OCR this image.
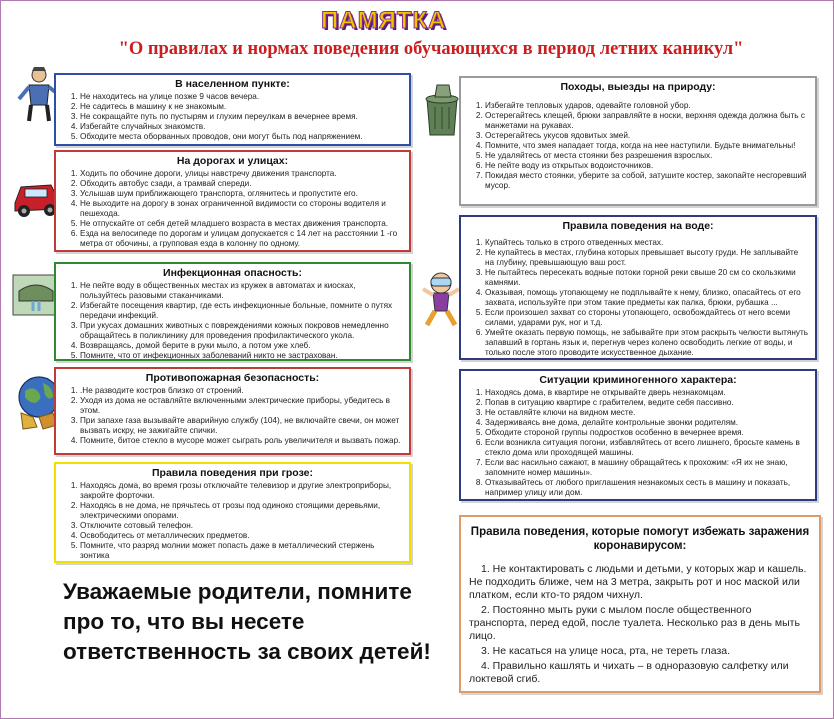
ПАМЯТКА
"О правилах и нормах поведения обучающихся в период летних каникул"
В населенном пункте:
1. Не находитесь на улице позже 9 часов вечера.
2. Не садитесь в машину к не знакомым.
3. Не сокращайте путь по пустырям и глухим переулкам в вечернее время.
4. Избегайте случайных знакомств.
5. Обходите места оборванных проводов, они могут быть под напряжением.
На дорогах и улицах:
1. Ходить по обочине дороги, улицы навстречу движения транспорта.
2. Обходить автобус сзади, а трамвай спереди.
3. Услышав шум приближающего транспорта, оглянитесь и пропустите его.
4. Не выходите на дорогу в зонах ограниченной видимости со стороны водителя и пешехода.
5. Не отпускайте от себя детей младшего возраста в местах движения транспорта.
6. Езда на велосипеде по дорогам и улицам допускается с 14 лет на расстоянии 1 -го метра от обочины, а групповая езда в колонну по одному.
Инфекционная опасность:
1. Не пейте воду в общественных местах из кружек в автоматах и киосках, пользуйтесь разовыми стаканчиками.
2. Избегайте посещения квартир, где есть инфекционные больные, помните о путях передачи инфекций.
3. При укусах домашних животных с повреждениями кожных покровов немедленно обращайтесь в поликлинику для проведения профилактического укола.
4. Возвращаясь, домой берите в руки мыло, а потом уже хлеб.
5. Помните, что от инфекционных заболеваний никто не застрахован.
Противопожарная безопасность:
1. .Не разводите костров близко от строений.
2. Уходя из дома не оставляйте включенными электрические приборы, убедитесь в этом.
3. При запахе газа вызывайте аварийную службу (104), не включайте свечи, он может вызвать искру, не зажигайте спички.
4. Помните, битое стекло в мусоре может сыграть роль увеличителя и вызвать пожар.
Правила поведения при грозе:
1. Находясь дома, во время грозы отключайте телевизор и другие электроприборы, закройте форточки.
2. Находясь в не дома, не прячьтесь от грозы под одиноко стоящими деревьями, электрическими опорами.
3. Отключите сотовый телефон.
4. Освободитесь от металлических предметов.
5. Помните, что разряд молнии может попасть даже в металлический стержень зонтика
Уважаемые родители, помните про то, что вы несете ответственность за своих детей!
Походы, выезды на природу:
1. Избегайте тепловых ударов, одевайте головной убор.
2. Остерегайтесь клещей, брюки заправляйте в носки, верхняя одежда должна быть с манжетами на рукавах.
3. Остерегайтесь укусов ядовитых змей.
4. Помните, что змея нападает тогда, когда на нее наступили. Будьте внимательны!
5. Не удаляйтесь от места стоянки без разрешения взрослых.
6. Не пейте воду из открытых водоисточников.
7. Покидая место стоянки, уберите за собой, затушите костер, закопайте несгоревший мусор.
Правила поведения на воде:
1. Купайтесь только в строго отведенных местах.
2. Не купайтесь в местах, глубина которых превышает высоту груди. Не заплывайте на глубину, превышающую ваш рост.
3. Не пытайтесь пересекать водные потоки горной реки свыше 20 см со скользкими камнями.
4. Оказывая, помощь утопающему не подплывайте к нему, близко, опасайтесь от его захвата, используйте при этом такие предметы как палка, брюки, рубашка ...
5. Если произошел захват со стороны утопающего, освобождайтесь от него всеми силами, ударами рук, ног и т.д.
6. Умейте оказать первую помощь, не забывайте при этом раскрыть челюсти вытянуть запавший в гортань язык и, перегнув через колено освободить легкие от воды, и только после этого проводите искусственное дыхание.
Ситуации криминогенного характера:
1. Находясь дома, в квартире не открывайте дверь незнакомцам.
2. Попав в ситуацию квартире с грабителем, ведите себя пассивно.
3. Не оставляйте ключи на видном месте.
4. Задерживаясь вне дома, делайте контрольные звонки родителям.
5. Обходите стороной группы подростков особенно в вечернее время.
6. Если возникла ситуация погони, избавляйтесь от всего лишнего, бросьте камень в стекло дома или проходящей машины.
7. Если вас насильно сажают, в машину обращайтесь к прохожим: «Я их не знаю, запомните номер машины».
8. Отказывайтесь от любого приглашения незнакомых сесть в машину и показать, например улицу или дом.
Правила поведения, которые помогут избежать заражения коронавирусом:

1. Не контактировать с людьми и детьми, у которых жар и кашель. Не подходить ближе, чем на 3 метра, закрыть рот и нос маской или платком, если кто-то рядом чихнул.

2. Постоянно мыть руки с мылом после общественного транспорта, перед едой, после туалета. Несколько раз в день мыть лицо.

3. Не касаться на улице носа, рта, не тереть глаза.

4. Правильно кашлять и чихать – в одноразовую салфетку или локтевой сгиб.
